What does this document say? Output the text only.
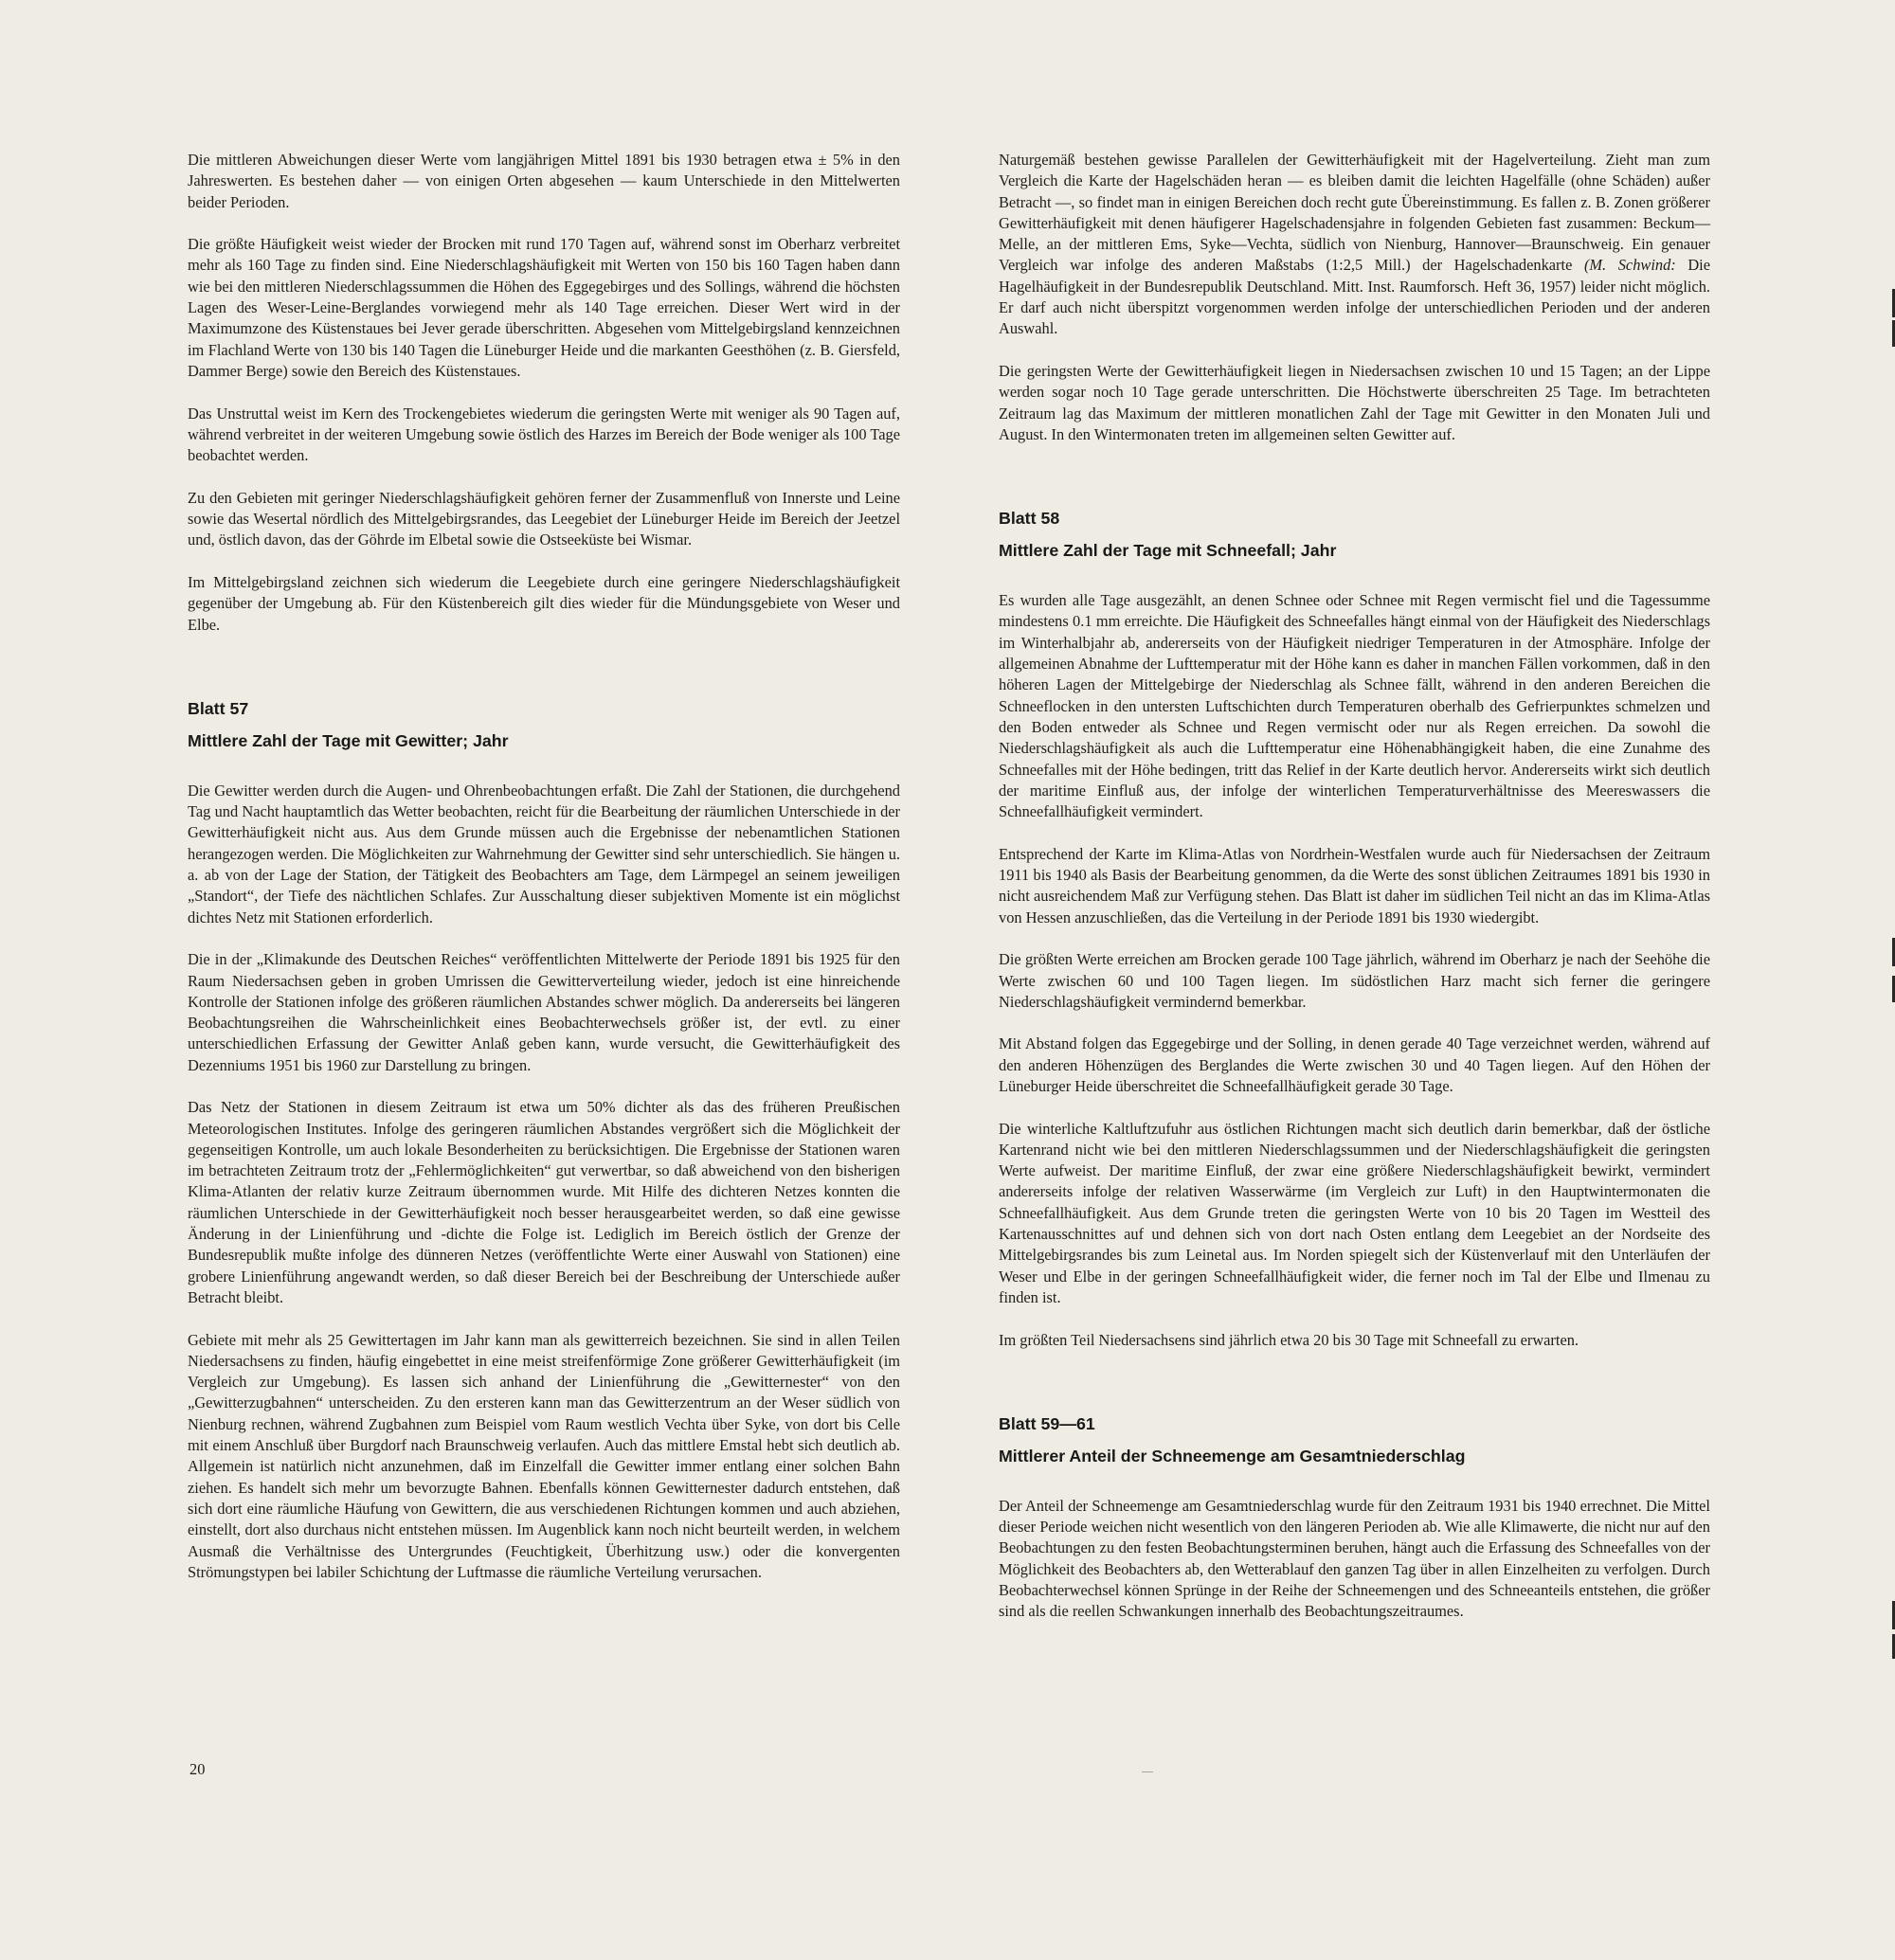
Die mittleren Abweichungen dieser Werte vom langjährigen Mittel 1891 bis 1930 betragen etwa ± 5% in den Jahreswerten. Es bestehen daher — von einigen Orten abgesehen — kaum Unterschiede in den Mittelwerten beider Perioden.

Die größte Häufigkeit weist wieder der Brocken mit rund 170 Tagen auf, während sonst im Oberharz verbreitet mehr als 160 Tage zu finden sind. Eine Niederschlagshäufigkeit mit Werten von 150 bis 160 Tagen haben dann wie bei den mittleren Niederschlagssummen die Höhen des Eggegebirges und des Sollings, während die höchsten Lagen des Weser-Leine-Berglandes vorwiegend mehr als 140 Tage erreichen. Dieser Wert wird in der Maximumzone des Küstenstaues bei Jever gerade überschritten. Abgesehen vom Mittelgebirgsland kennzeichnen im Flachland Werte von 130 bis 140 Tagen die Lüneburger Heide und die markanten Geesthöhen (z. B. Giersfeld, Dammer Berge) sowie den Bereich des Küstenstaues.

Das Unstruttal weist im Kern des Trockengebietes wiederum die geringsten Werte mit weniger als 90 Tagen auf, während verbreitet in der weiteren Umgebung sowie östlich des Harzes im Bereich der Bode weniger als 100 Tage beobachtet werden.

Zu den Gebieten mit geringer Niederschlagshäufigkeit gehören ferner der Zusammenfluß von Innerste und Leine sowie das Wesertal nördlich des Mittelgebirgsrandes, das Leegebiet der Lüneburger Heide im Bereich der Jeetzel und, östlich davon, das der Göhrde im Elbetal sowie die Ostseeküste bei Wismar.

Im Mittelgebirgsland zeichnen sich wiederum die Leegebiete durch eine geringere Niederschlagshäufigkeit gegenüber der Umgebung ab. Für den Küstenbereich gilt dies wieder für die Mündungsgebiete von Weser und Elbe.

Blatt 57
Mittlere Zahl der Tage mit Gewitter; Jahr

Die Gewitter werden durch die Augen- und Ohrenbeobachtungen erfaßt. Die Zahl der Stationen, die durchgehend Tag und Nacht hauptamtlich das Wetter beobachten, reicht für die Bearbeitung der räumlichen Unterschiede in der Gewitterhäufigkeit nicht aus. Aus dem Grunde müssen auch die Ergebnisse der nebenamtlichen Stationen herangezogen werden. Die Möglichkeiten zur Wahrnehmung der Gewitter sind sehr unterschiedlich. Sie hängen u. a. ab von der Lage der Station, der Tätigkeit des Beobachters am Tage, dem Lärmpegel an seinem jeweiligen „Standort“, der Tiefe des nächtlichen Schlafes. Zur Ausschaltung dieser subjektiven Momente ist ein möglichst dichtes Netz mit Stationen erforderlich.

Die in der „Klimakunde des Deutschen Reiches“ veröffentlichten Mittelwerte der Periode 1891 bis 1925 für den Raum Niedersachsen geben in groben Umrissen die Gewitterverteilung wieder, jedoch ist eine hinreichende Kontrolle der Stationen infolge des größeren räumlichen Abstandes schwer möglich. Da andererseits bei längeren Beobachtungsreihen die Wahrscheinlichkeit eines Beobachterwechsels größer ist, der evtl. zu einer unterschiedlichen Erfassung der Gewitter Anlaß geben kann, wurde versucht, die Gewitterhäufigkeit des Dezenniums 1951 bis 1960 zur Darstellung zu bringen.

Das Netz der Stationen in diesem Zeitraum ist etwa um 50% dichter als das des früheren Preußischen Meteorologischen Institutes. Infolge des geringeren räumlichen Abstandes vergrößert sich die Möglichkeit der gegenseitigen Kontrolle, um auch lokale Besonderheiten zu berücksichtigen. Die Ergebnisse der Stationen waren im betrachteten Zeitraum trotz der „Fehlermöglichkeiten“ gut verwertbar, so daß abweichend von den bisherigen Klima-Atlanten der relativ kurze Zeitraum übernommen wurde. Mit Hilfe des dichteren Netzes konnten die räumlichen Unterschiede in der Gewitterhäufigkeit noch besser herausgearbeitet werden, so daß eine gewisse Änderung in der Linienführung und -dichte die Folge ist. Lediglich im Bereich östlich der Grenze der Bundesrepublik mußte infolge des dünneren Netzes (veröffentlichte Werte einer Auswahl von Stationen) eine grobere Linienführung angewandt werden, so daß dieser Bereich bei der Beschreibung der Unterschiede außer Betracht bleibt.

Gebiete mit mehr als 25 Gewittertagen im Jahr kann man als gewitterreich bezeichnen. Sie sind in allen Teilen Niedersachsens zu finden, häufig eingebettet in eine meist streifenförmige Zone größerer Gewitterhäufigkeit (im Vergleich zur Umgebung). Es lassen sich anhand der Linienführung die „Gewitternester“ von den „Gewitterzugbahnen“ unterscheiden. Zu den ersteren kann man das Gewitterzentrum an der Weser südlich von Nienburg rechnen, während Zugbahnen zum Beispiel vom Raum westlich Vechta über Syke, von dort bis Celle mit einem Anschluß über Burgdorf nach Braunschweig verlaufen. Auch das mittlere Emstal hebt sich deutlich ab. Allgemein ist natürlich nicht anzunehmen, daß im Einzelfall die Gewitter immer entlang einer solchen Bahn ziehen. Es handelt sich mehr um bevorzugte Bahnen. Ebenfalls können Gewitternester dadurch entstehen, daß sich dort eine räumliche Häufung von Gewittern, die aus verschiedenen Richtungen kommen und auch abziehen, einstellt, dort also durchaus nicht entstehen müssen. Im Augenblick kann noch nicht beurteilt werden, in welchem Ausmaß die Verhältnisse des Untergrundes (Feuchtigkeit, Überhitzung usw.) oder die konvergenten Strömungstypen bei labiler Schichtung der Luftmasse die räumliche Verteilung verursachen.

Naturgemäß bestehen gewisse Parallelen der Gewitterhäufigkeit mit der Hagelverteilung. Zieht man zum Vergleich die Karte der Hagelschäden heran — es bleiben damit die leichten Hagelfälle (ohne Schäden) außer Betracht —, so findet man in einigen Bereichen doch recht gute Übereinstimmung. Es fallen z. B. Zonen größerer Gewitterhäufigkeit mit denen häufigerer Hagelschadensjahre in folgenden Gebieten fast zusammen: Beckum—Melle, an der mittleren Ems, Syke—Vechta, südlich von Nienburg, Hannover—Braunschweig. Ein genauer Vergleich war infolge des anderen Maßstabs (1:2,5 Mill.) der Hagelschadenkarte (M. Schwind: Die Hagelhäufigkeit in der Bundesrepublik Deutschland. Mitt. Inst. Raumforsch. Heft 36, 1957) leider nicht möglich. Er darf auch nicht überspitzt vorgenommen werden infolge der unterschiedlichen Perioden und der anderen Auswahl.

Die geringsten Werte der Gewitterhäufigkeit liegen in Niedersachsen zwischen 10 und 15 Tagen; an der Lippe werden sogar noch 10 Tage gerade unterschritten. Die Höchstwerte überschreiten 25 Tage. Im betrachteten Zeitraum lag das Maximum der mittleren monatlichen Zahl der Tage mit Gewitter in den Monaten Juli und August. In den Wintermonaten treten im allgemeinen selten Gewitter auf.

Blatt 58
Mittlere Zahl der Tage mit Schneefall; Jahr

Es wurden alle Tage ausgezählt, an denen Schnee oder Schnee mit Regen vermischt fiel und die Tagessumme mindestens 0.1 mm erreichte. Die Häufigkeit des Schneefalles hängt einmal von der Häufigkeit des Niederschlags im Winterhalbjahr ab, andererseits von der Häufigkeit niedriger Temperaturen in der Atmosphäre. Infolge der allgemeinen Abnahme der Lufttemperatur mit der Höhe kann es daher in manchen Fällen vorkommen, daß in den höheren Lagen der Mittelgebirge der Niederschlag als Schnee fällt, während in den anderen Bereichen die Schneeflocken in den untersten Luftschichten durch Temperaturen oberhalb des Gefrierpunktes schmelzen und den Boden entweder als Schnee und Regen vermischt oder nur als Regen erreichen. Da sowohl die Niederschlagshäufigkeit als auch die Lufttemperatur eine Höhenabhängigkeit haben, die eine Zunahme des Schneefalles mit der Höhe bedingen, tritt das Relief in der Karte deutlich hervor. Andererseits wirkt sich deutlich der maritime Einfluß aus, der infolge der winterlichen Temperaturverhältnisse des Meereswassers die Schneefallhäufigkeit vermindert.

Entsprechend der Karte im Klima-Atlas von Nordrhein-Westfalen wurde auch für Niedersachsen der Zeitraum 1911 bis 1940 als Basis der Bearbeitung genommen, da die Werte des sonst üblichen Zeitraumes 1891 bis 1930 in nicht ausreichendem Maß zur Verfügung stehen. Das Blatt ist daher im südlichen Teil nicht an das im Klima-Atlas von Hessen anzuschließen, das die Verteilung in der Periode 1891 bis 1930 wiedergibt.

Die größten Werte erreichen am Brocken gerade 100 Tage jährlich, während im Oberharz je nach der Seehöhe die Werte zwischen 60 und 100 Tagen liegen. Im südöstlichen Harz macht sich ferner die geringere Niederschlagshäufigkeit vermindernd bemerkbar.

Mit Abstand folgen das Eggegebirge und der Solling, in denen gerade 40 Tage verzeichnet werden, während auf den anderen Höhenzügen des Berglandes die Werte zwischen 30 und 40 Tagen liegen. Auf den Höhen der Lüneburger Heide überschreitet die Schneefallhäufigkeit gerade 30 Tage.

Die winterliche Kaltluftzufuhr aus östlichen Richtungen macht sich deutlich darin bemerkbar, daß der östliche Kartenrand nicht wie bei den mittleren Niederschlagssummen und der Niederschlagshäufigkeit die geringsten Werte aufweist. Der maritime Einfluß, der zwar eine größere Niederschlagshäufigkeit bewirkt, vermindert andererseits infolge der relativen Wasserwärme (im Vergleich zur Luft) in den Hauptwintermonaten die Schneefallhäufigkeit. Aus dem Grunde treten die geringsten Werte von 10 bis 20 Tagen im Westteil des Kartenausschnittes auf und dehnen sich von dort nach Osten entlang dem Leegebiet an der Nordseite des Mittelgebirgsrandes bis zum Leinetal aus. Im Norden spiegelt sich der Küstenverlauf mit den Unterläufen der Weser und Elbe in der geringen Schneefallhäufigkeit wider, die ferner noch im Tal der Elbe und Ilmenau zu finden ist.

Im größten Teil Niedersachsens sind jährlich etwa 20 bis 30 Tage mit Schneefall zu erwarten.

Blatt 59—61
Mittlerer Anteil der Schneemenge am Gesamtniederschlag

Der Anteil der Schneemenge am Gesamtniederschlag wurde für den Zeitraum 1931 bis 1940 errechnet. Die Mittel dieser Periode weichen nicht wesentlich von den längeren Perioden ab. Wie alle Klimawerte, die nicht nur auf den Beobachtungen zu den festen Beobachtungsterminen beruhen, hängt auch die Erfassung des Schneefalles von der Möglichkeit des Beobachters ab, den Wetterablauf den ganzen Tag über in allen Einzelheiten zu verfolgen. Durch Beobachterwechsel können Sprünge in der Reihe der Schneemengen und des Schneeanteils entstehen, die größer sind als die reellen Schwankungen innerhalb des Beobachtungszeitraumes.

20
